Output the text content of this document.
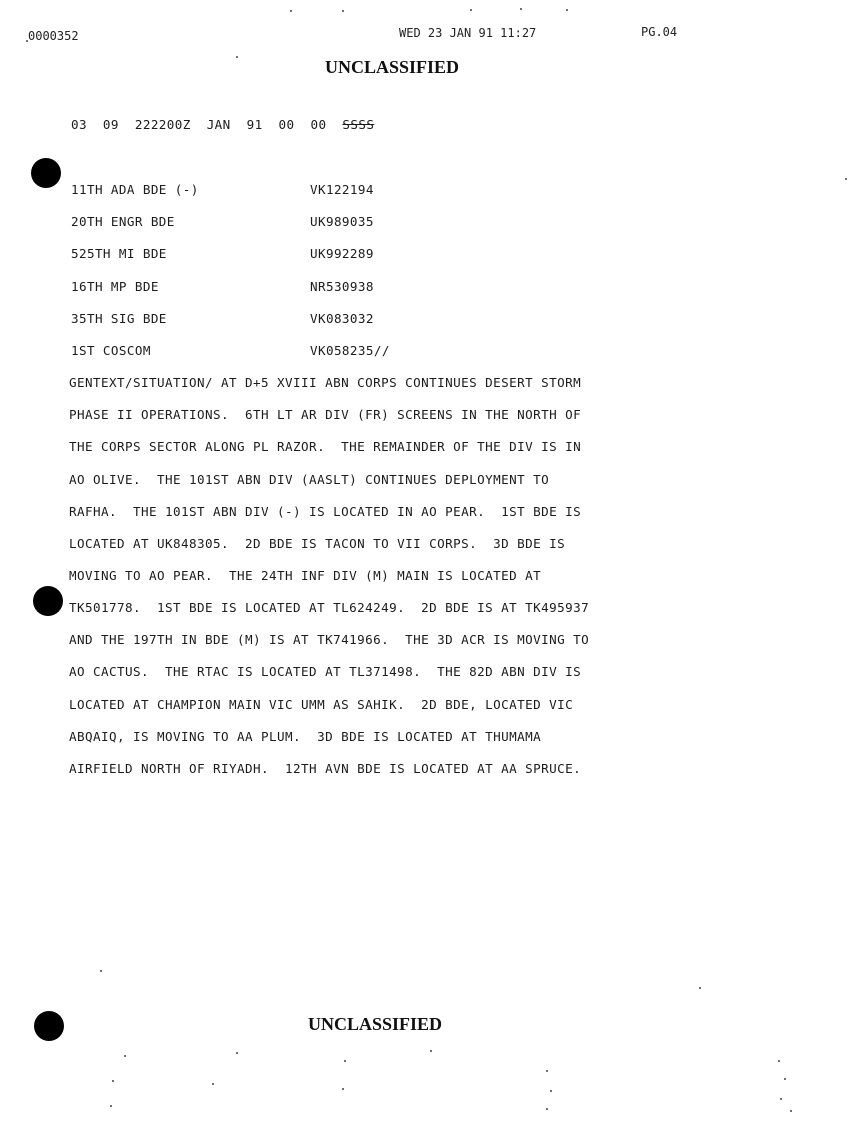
0000352	WED 23 JAN 91 11:27	PG.04
UNCLASSIFIED
03  09  222200Z  JAN  91  00  00 SSSS
11TH ADA BDE (-)	VK122194
20TH ENGR BDE	UK989035
525TH MI BDE	UK992289
16TH MP BDE	NR530938
35TH SIG BDE	VK083032
1ST COSCOM	VK058235//
GENTEXT/SITUATION/ AT D+5 XVIII ABN CORPS CONTINUES DESERT STORM
PHASE II OPERATIONS.  6TH LT AR DIV (FR) SCREENS IN THE NORTH OF
THE CORPS SECTOR ALONG PL RAZOR.  THE REMAINDER OF THE DIV IS IN
AO OLIVE.  THE 101ST ABN DIV (AASLT) CONTINUES DEPLOYMENT TO
RAFHA.  THE 101ST ABN DIV (-) IS LOCATED IN AO PEAR.  1ST BDE IS
LOCATED AT UK848305.  2D BDE IS TACON TO VII CORPS.  3D BDE IS
MOVING TO AO PEAR.  THE 24TH INF DIV (M) MAIN IS LOCATED AT
TK501778.  1ST BDE IS LOCATED AT TL624249.  2D BDE IS AT TK495937
AND THE 197TH IN BDE (M) IS AT TK741966.  THE 3D ACR IS MOVING TO
AO CACTUS.  THE RTAC IS LOCATED AT TL371498.  THE 82D ABN DIV IS
LOCATED AT CHAMPION MAIN VIC UMM AS SAHIK.  2D BDE, LOCATED VIC
ABQAIQ, IS MOVING TO AA PLUM.  3D BDE IS LOCATED AT THUMAMA
AIRFIELD NORTH OF RIYADH.  12TH AVN BDE IS LOCATED AT AA SPRUCE.
UNCLASSIFIED
